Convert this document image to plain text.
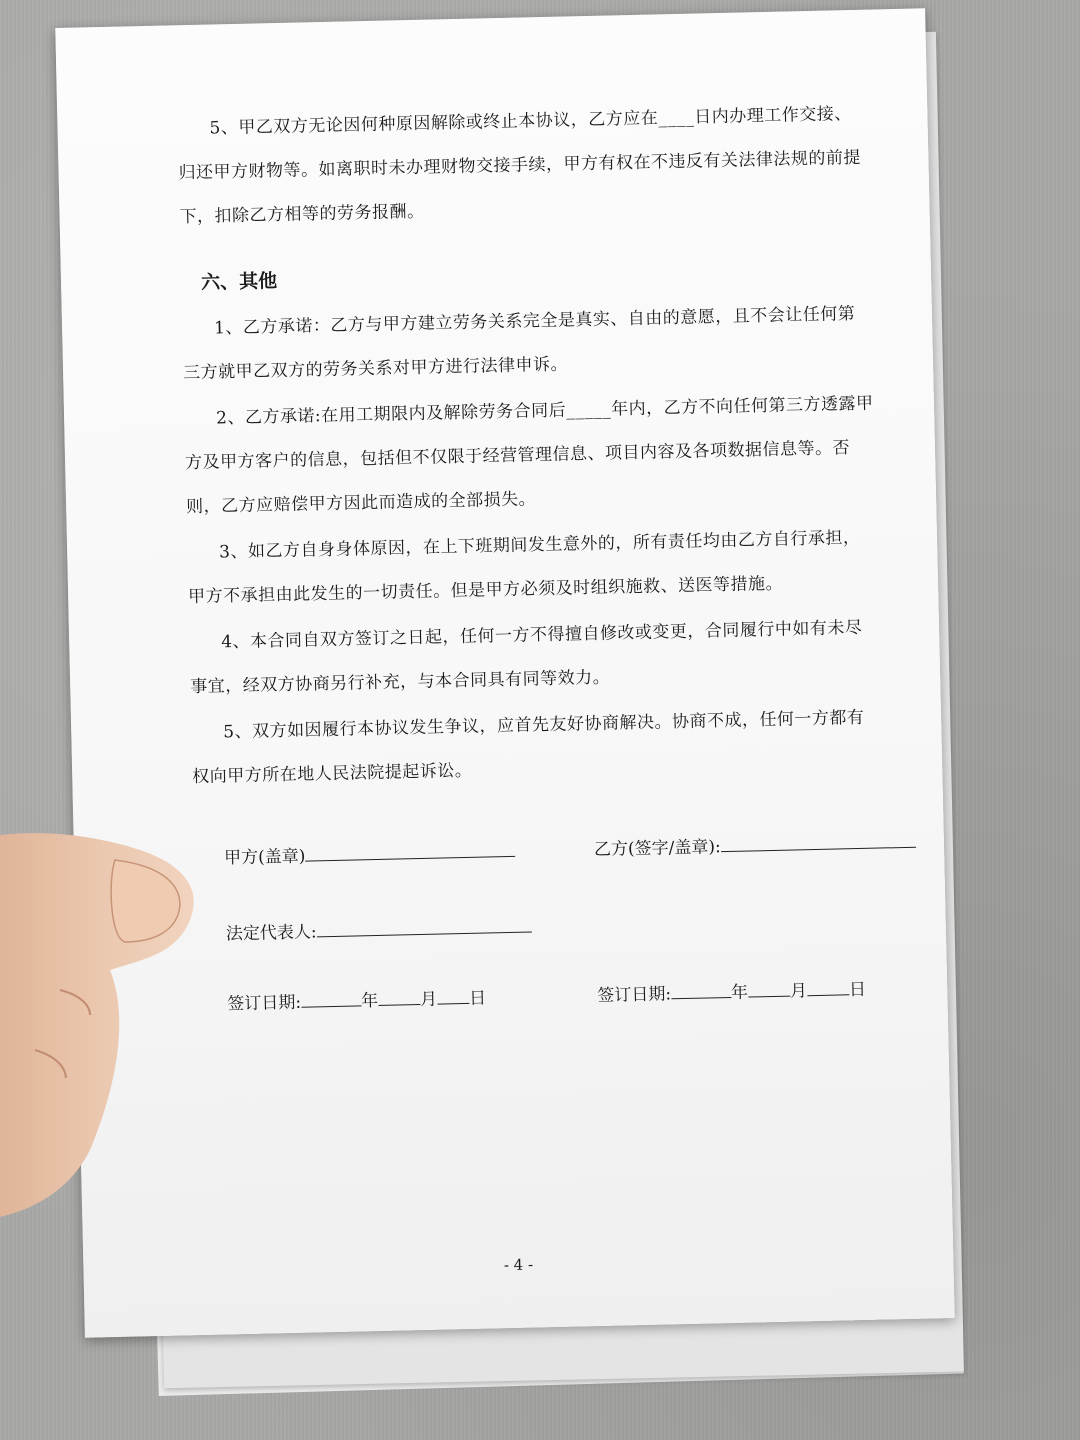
5、甲乙双方无论因何种原因解除或终止本协议，乙方应在____日内办理工作交接、 归还甲方财物等。如离职时未办理财物交接手续，甲方有权在不违反有关法律法规的前提下，扣除乙方相等的劳务报酬。
六、其他
1、乙方承诺：乙方与甲方建立劳务关系完全是真实、自由的意愿，且不会让任何第三方就甲乙双方的劳务关系对甲方进行法律申诉。
2、乙方承诺:在用工期限内及解除劳务合同后_____年内，乙方不向任何第三方透露甲方及甲方客户的信息，包括但不仅限于经营管理信息、项目内容及各项数据信息等。否则，乙方应赔偿甲方因此而造成的全部损失。
3、如乙方自身身体原因，在上下班期间发生意外的，所有责任均由乙方自行承担，甲方不承担由此发生的一切责任。但是甲方必须及时组织施救、送医等措施。
4、本合同自双方签订之日起，任何一方不得擅自修改或变更，合同履行中如有未尽事宜，经双方协商另行补充，与本合同具有同等效力。
5、双方如因履行本协议发生争议，应首先友好协商解决。协商不成，任何一方都有权向甲方所在地人民法院提起诉讼。
甲方(盖章)	乙方(签字/盖章):
法定代表人:
签订日期:	年 月 日	签订日期:	年 月 日
- 4 -
